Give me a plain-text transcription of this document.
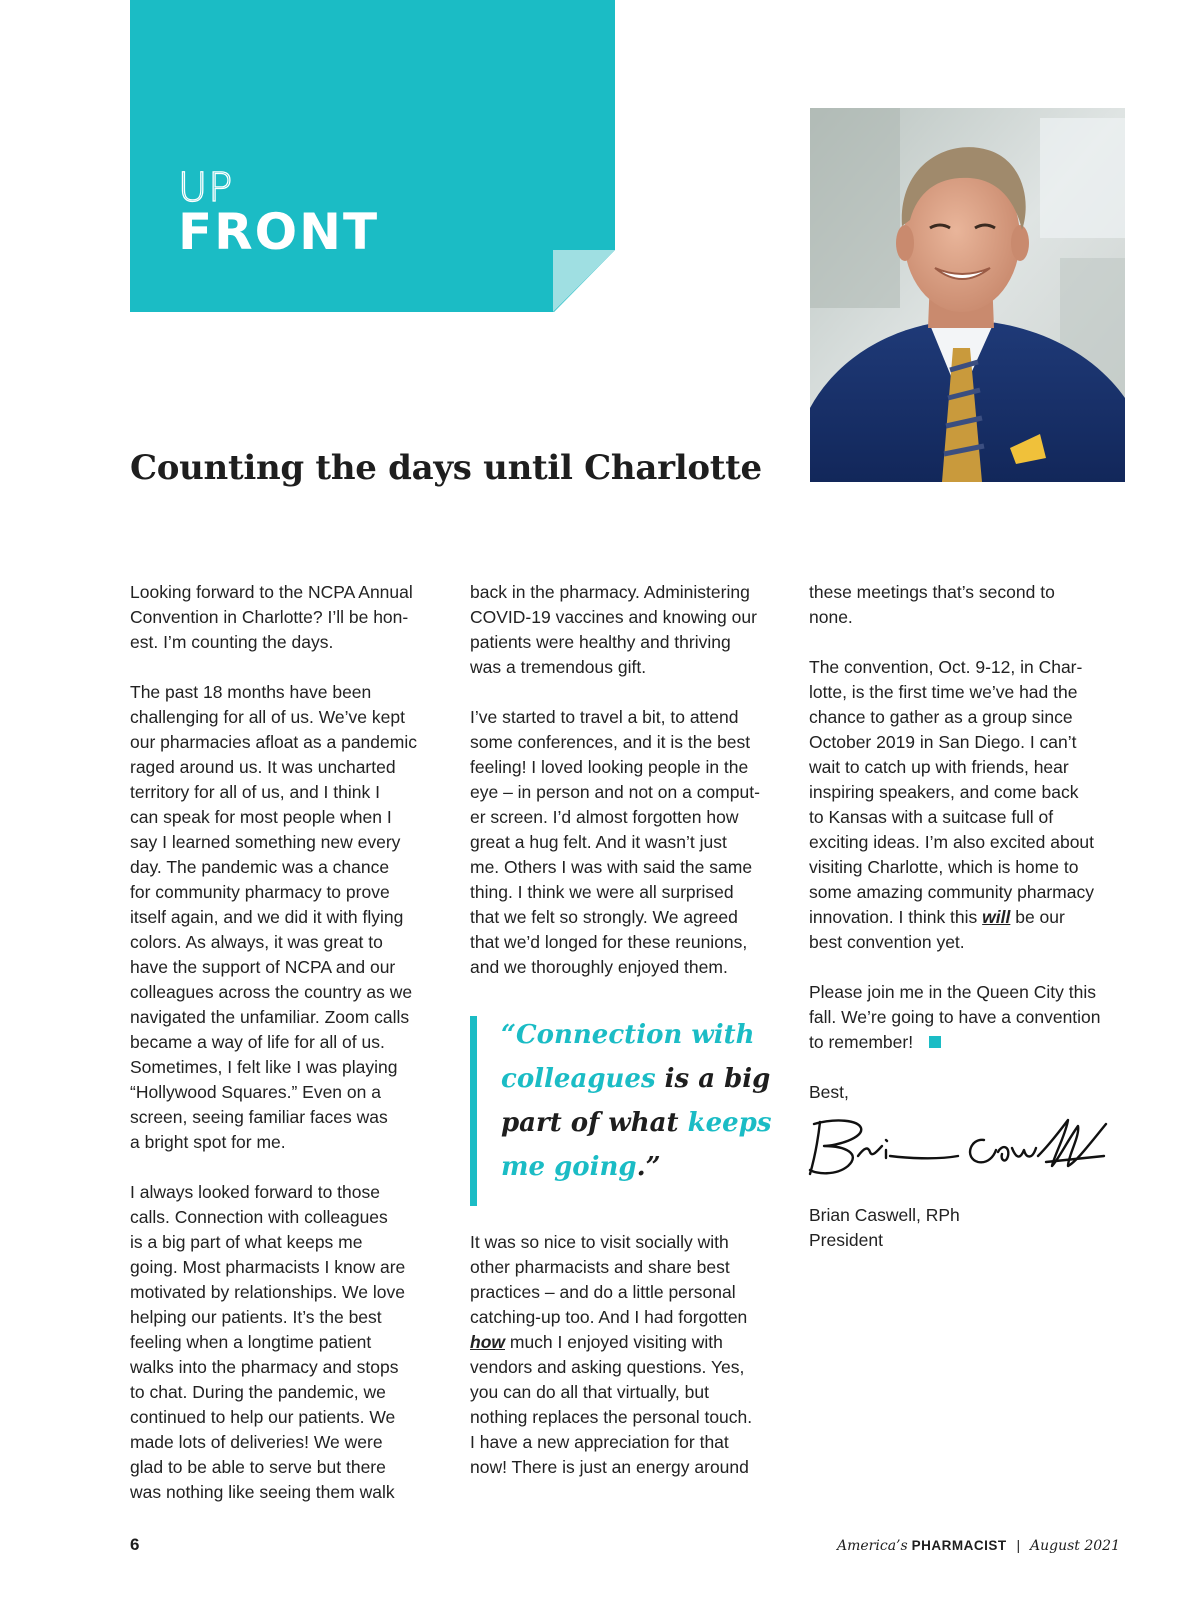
UP
FRONT
Counting the days until Charlotte

Looking forward to the NCPA Annual
Convention in Charlotte? I’ll be hon-
est. I’m counting the days.

The past 18 months have been
challenging for all of us. We’ve kept
our pharmacies afloat as a pandemic
raged around us. It was uncharted
territory for all of us, and I think I
can speak for most people when I
say I learned something new every
day. The pandemic was a chance
for community pharmacy to prove
itself again, and we did it with flying
colors. As always, it was great to
have the support of NCPA and our
colleagues across the country as we
navigated the unfamiliar. Zoom calls
became a way of life for all of us.
Sometimes, I felt like I was playing
“Hollywood Squares.” Even on a
screen, seeing familiar faces was
a bright spot for me.

I always looked forward to those
calls. Connection with colleagues
is a big part of what keeps me
going. Most pharmacists I know are
motivated by relationships. We love
helping our patients. It’s the best
feeling when a longtime patient
walks into the pharmacy and stops
to chat. During the pandemic, we
continued to help our patients. We
made lots of deliveries! We were
glad to be able to serve but there
was nothing like seeing them walk

back in the pharmacy. Administering
COVID-19 vaccines and knowing our
patients were healthy and thriving
was a tremendous gift.

I’ve started to travel a bit, to attend
some conferences, and it is the best
feeling! I loved looking people in the
eye – in person and not on a comput-
er screen. I’d almost forgotten how
great a hug felt. And it wasn’t just
me. Others I was with said the same
thing. I think we were all surprised
that we felt so strongly. We agreed
that we’d longed for these reunions,
and we thoroughly enjoyed them.

It was so nice to visit socially with
other pharmacists and share best
practices – and do a little personal
catching-up too. And I had forgotten
how much I enjoyed visiting with
vendors and asking questions. Yes,
you can do all that virtually, but
nothing replaces the personal touch.
I have a new appreciation for that
now! There is just an energy around

“Connection with
colleagues is a big
part of what keeps
me going.”

these meetings that’s second to
none.

The convention, Oct. 9-12, in Char-
lotte, is the first time we’ve had the
chance to gather as a group since
October 2019 in San Diego. I can’t
wait to catch up with friends, hear
inspiring speakers, and come back
to Kansas with a suitcase full of
exciting ideas. I’m also excited about
visiting Charlotte, which is home to
some amazing community pharmacy
innovation. I think this will be our
best convention yet.

Please join me in the Queen City this
fall. We’re going to have a convention
to remember!

Best,

Brian Caswell, RPh
President

6	America’s PHARMACIST | August 2021
